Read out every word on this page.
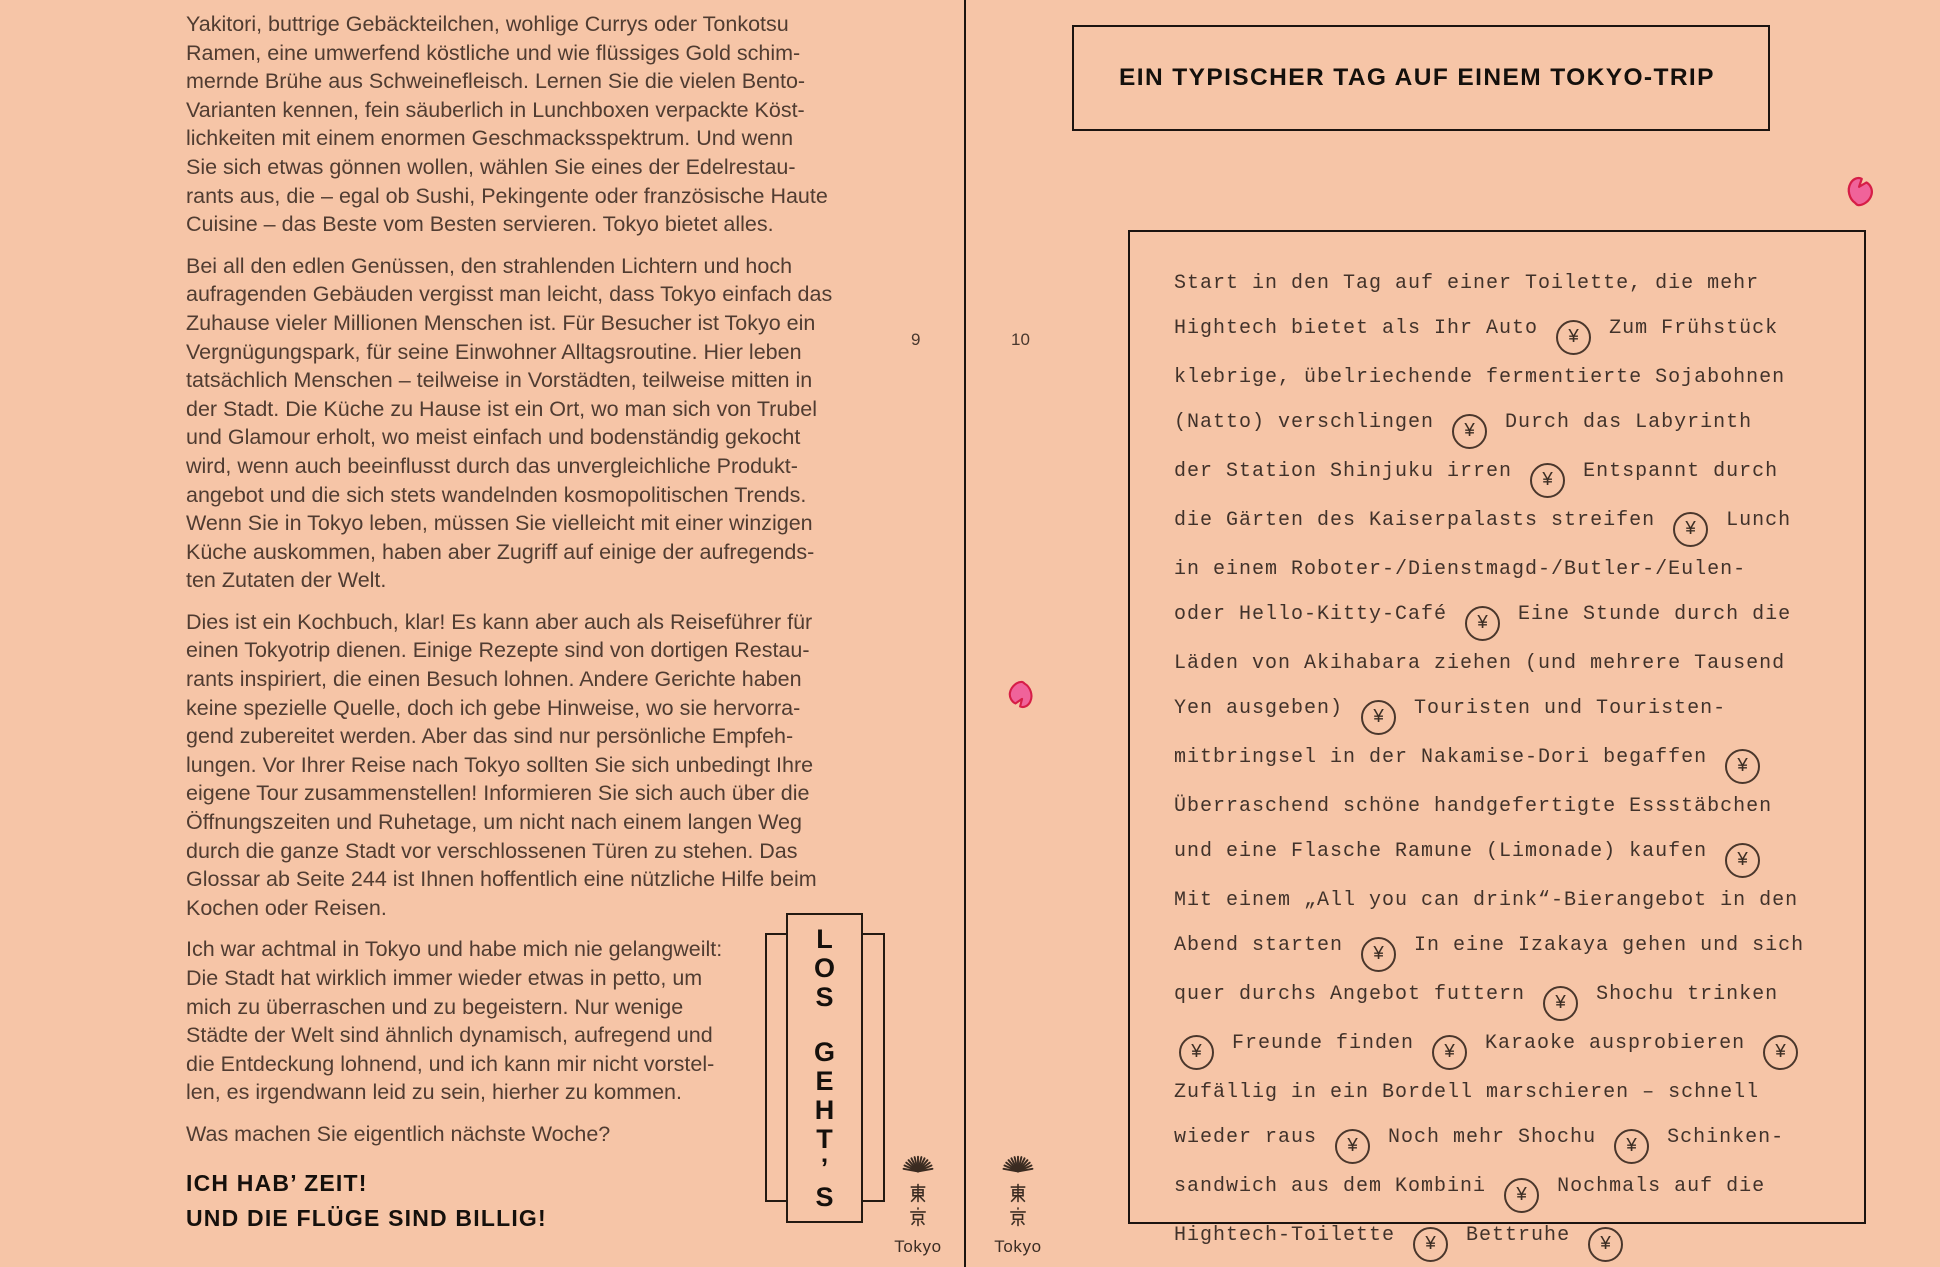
Yakitori, buttrige Gebäckteilchen, wohlige Currys oder Tonkotsu
Ramen, eine umwerfend köstliche und wie flüssiges Gold schim-
mernde Brühe aus Schweinefleisch. Lernen Sie die vielen Bento-
Varianten kennen, fein säuberlich in Lunchboxen verpackte Köst-
lichkeiten mit einem enormen Geschmacksspektrum. Und wenn
Sie sich etwas gönnen wollen, wählen Sie eines der Edelrestau-
rants aus, die – egal ob Sushi, Pekingente oder französische Haute
Cuisine – das Beste vom Besten servieren. Tokyo bietet alles.
Bei all den edlen Genüssen, den strahlenden Lichtern und hoch
aufragenden Gebäuden vergisst man leicht, dass Tokyo einfach das
Zuhause vieler Millionen Menschen ist. Für Besucher ist Tokyo ein
Vergnügungspark, für seine Einwohner Alltagsroutine. Hier leben
tatsächlich Menschen – teilweise in Vorstädten, teilweise mitten in
der Stadt. Die Küche zu Hause ist ein Ort, wo man sich von Trubel
und Glamour erholt, wo meist einfach und bodenständig gekocht
wird, wenn auch beeinflusst durch das unvergleichliche Produkt-
angebot und die sich stets wandelnden kosmopolitischen Trends.
Wenn Sie in Tokyo leben, müssen Sie vielleicht mit einer winzigen
Küche auskommen, haben aber Zugriff auf einige der aufregends-
ten Zutaten der Welt.
Dies ist ein Kochbuch, klar! Es kann aber auch als Reiseführer für
einen Tokyotrip dienen. Einige Rezepte sind von dortigen Restau-
rants inspiriert, die einen Besuch lohnen. Andere Gerichte haben
keine spezielle Quelle, doch ich gebe Hinweise, wo sie hervorra-
gend zubereitet werden. Aber das sind nur persönliche Empfeh-
lungen. Vor Ihrer Reise nach Tokyo sollten Sie sich unbedingt Ihre
eigene Tour zusammenstellen! Informieren Sie sich auch über die
Öffnungszeiten und Ruhetage, um nicht nach einem langen Weg
durch die ganze Stadt vor verschlossenen Türen zu stehen. Das
Glossar ab Seite 244 ist Ihnen hoffentlich eine nützliche Hilfe beim
Kochen oder Reisen.
Ich war achtmal in Tokyo und habe mich nie gelangweilt:
Die Stadt hat wirklich immer wieder etwas in petto, um
mich zu überraschen und zu begeistern. Nur wenige
Städte der Welt sind ähnlich dynamisch, aufregend und
die Entdeckung lohnend, und ich kann mir nicht vorstel-
len, es irgendwann leid zu sein, hierher zu kommen.
Was machen Sie eigentlich nächste Woche?
ICH HAB’ ZEIT!
UND DIE FLÜGE SIND BILLIG!
9	10
L
O
S
G
E
H
T
’
S
Tokyo	Tokyo
EIN TYPISCHER TAG AUF EINEM TOKYO-TRIP
Start in den Tag auf einer Toilette, die mehr
Hightech bietet als Ihr Auto ¥ Zum Frühstück
klebrige, übelriechende fermentierte Sojabohnen
(Natto) verschlingen ¥ Durch das Labyrinth
der Station Shinjuku irren ¥ Entspannt durch
die Gärten des Kaiserpalasts streifen ¥ Lunch
in einem Roboter-/Dienstmagd-/Butler-/Eulen-
oder Hello-Kitty-Café ¥ Eine Stunde durch die
Läden von Akihabara ziehen (und mehrere Tausend
Yen ausgeben) ¥ Touristen und Touristen-
mitbringsel in der Nakamise-Dori begaffen ¥
Überraschend schöne handgefertigte Essstäbchen
und eine Flasche Ramune (Limonade) kaufen ¥
Mit einem „All you can drink“-Bierangebot in den
Abend starten ¥ In eine Izakaya gehen und sich
quer durchs Angebot futtern ¥ Shochu trinken
¥ Freunde finden ¥ Karaoke ausprobieren ¥
Zufällig in ein Bordell marschieren – schnell
wieder raus ¥ Noch mehr Shochu ¥ Schinken-
sandwich aus dem Kombini ¥ Nochmals auf die
Hightech-Toilette ¥ Bettruhe ¥
